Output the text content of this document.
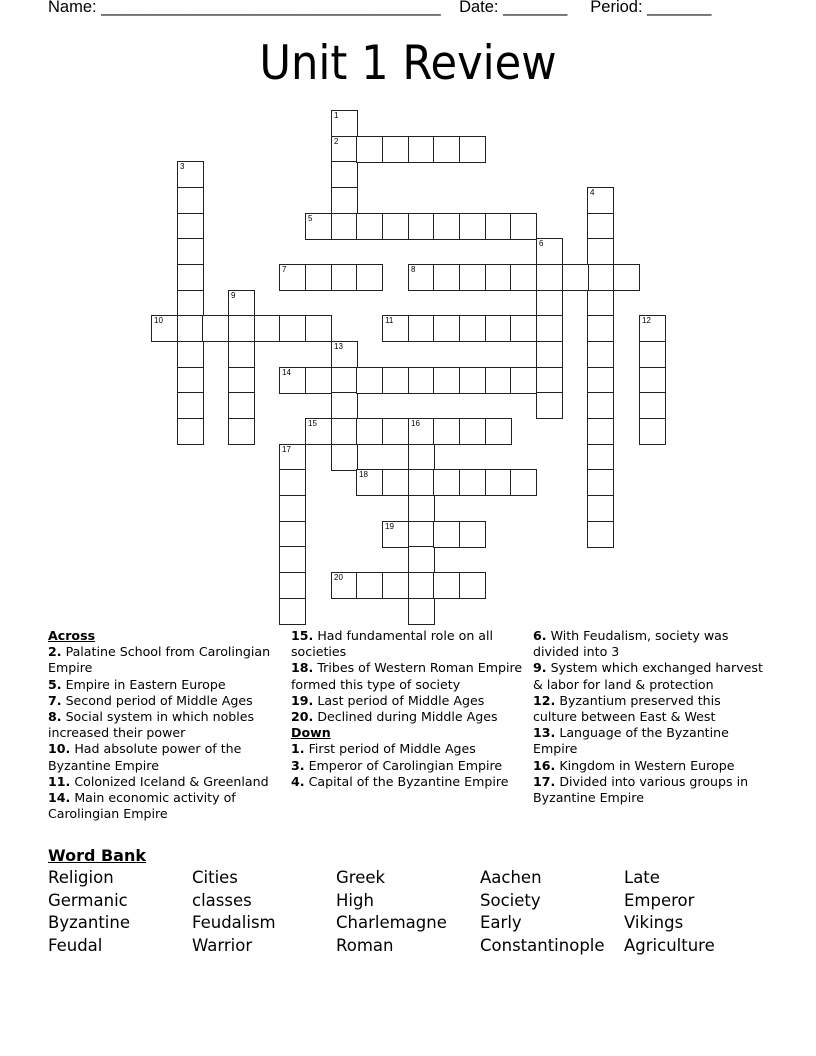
Name: _____________________________________ Date: _______ Period: _______
Unit 1 Review
1
2
3
4
5
6
7	8
9
10	11	12
13
14
15	16
17
18
19
20
Across
2. Palatine School from Carolingian Empire
5. Empire in Eastern Europe
7. Second period of Middle Ages
8. Social system in which nobles increased their power
10. Had absolute power of the Byzantine Empire
11. Colonized Iceland & Greenland
14. Main economic activity of Carolingian Empire
15. Had fundamental role on all societies
18. Tribes of Western Roman Empire formed this type of society
19. Last period of Middle Ages
20. Declined during Middle Ages
Down
1. First period of Middle Ages
3. Emperor of Carolingian Empire
4. Capital of the Byzantine Empire
6. With Feudalism, society was divided into 3
9. System which exchanged harvest & labor for land & protection
12. Byzantium preserved this culture between East & West
13. Language of the Byzantine Empire
16. Kingdom in Western Europe
17. Divided into various groups in Byzantine Empire
Word Bank
Religion	Cities	Greek	Aachen	Late
Germanic	classes	High	Society	Emperor
Byzantine	Feudalism	Charlemagne	Early	Vikings
Feudal	Warrior	Roman	Constantinople	Agriculture
